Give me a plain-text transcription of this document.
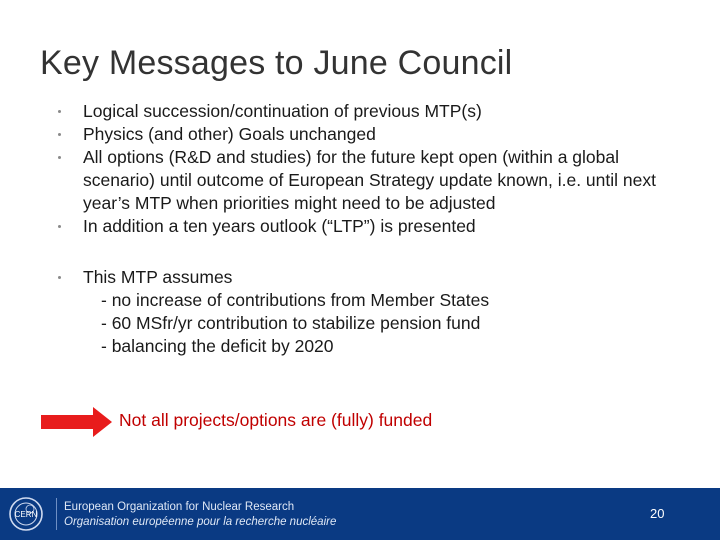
Key Messages to June Council
Logical succession/continuation of previous MTP(s)
Physics (and other) Goals unchanged
All options (R&D and studies) for the future kept open (within a global scenario) until outcome of European Strategy update known, i.e. until next year’s MTP when priorities might need to be adjusted
In addition a ten years outlook (“LTP”) is presented
This MTP assumes
- no increase of contributions from Member States
- 60 MSfr/yr contribution to stabilize pension fund
- balancing the deficit by 2020
Not all projects/options are (fully) funded
CERN
European Organization for Nuclear Research
Organisation européenne pour la recherche nucléaire
20
